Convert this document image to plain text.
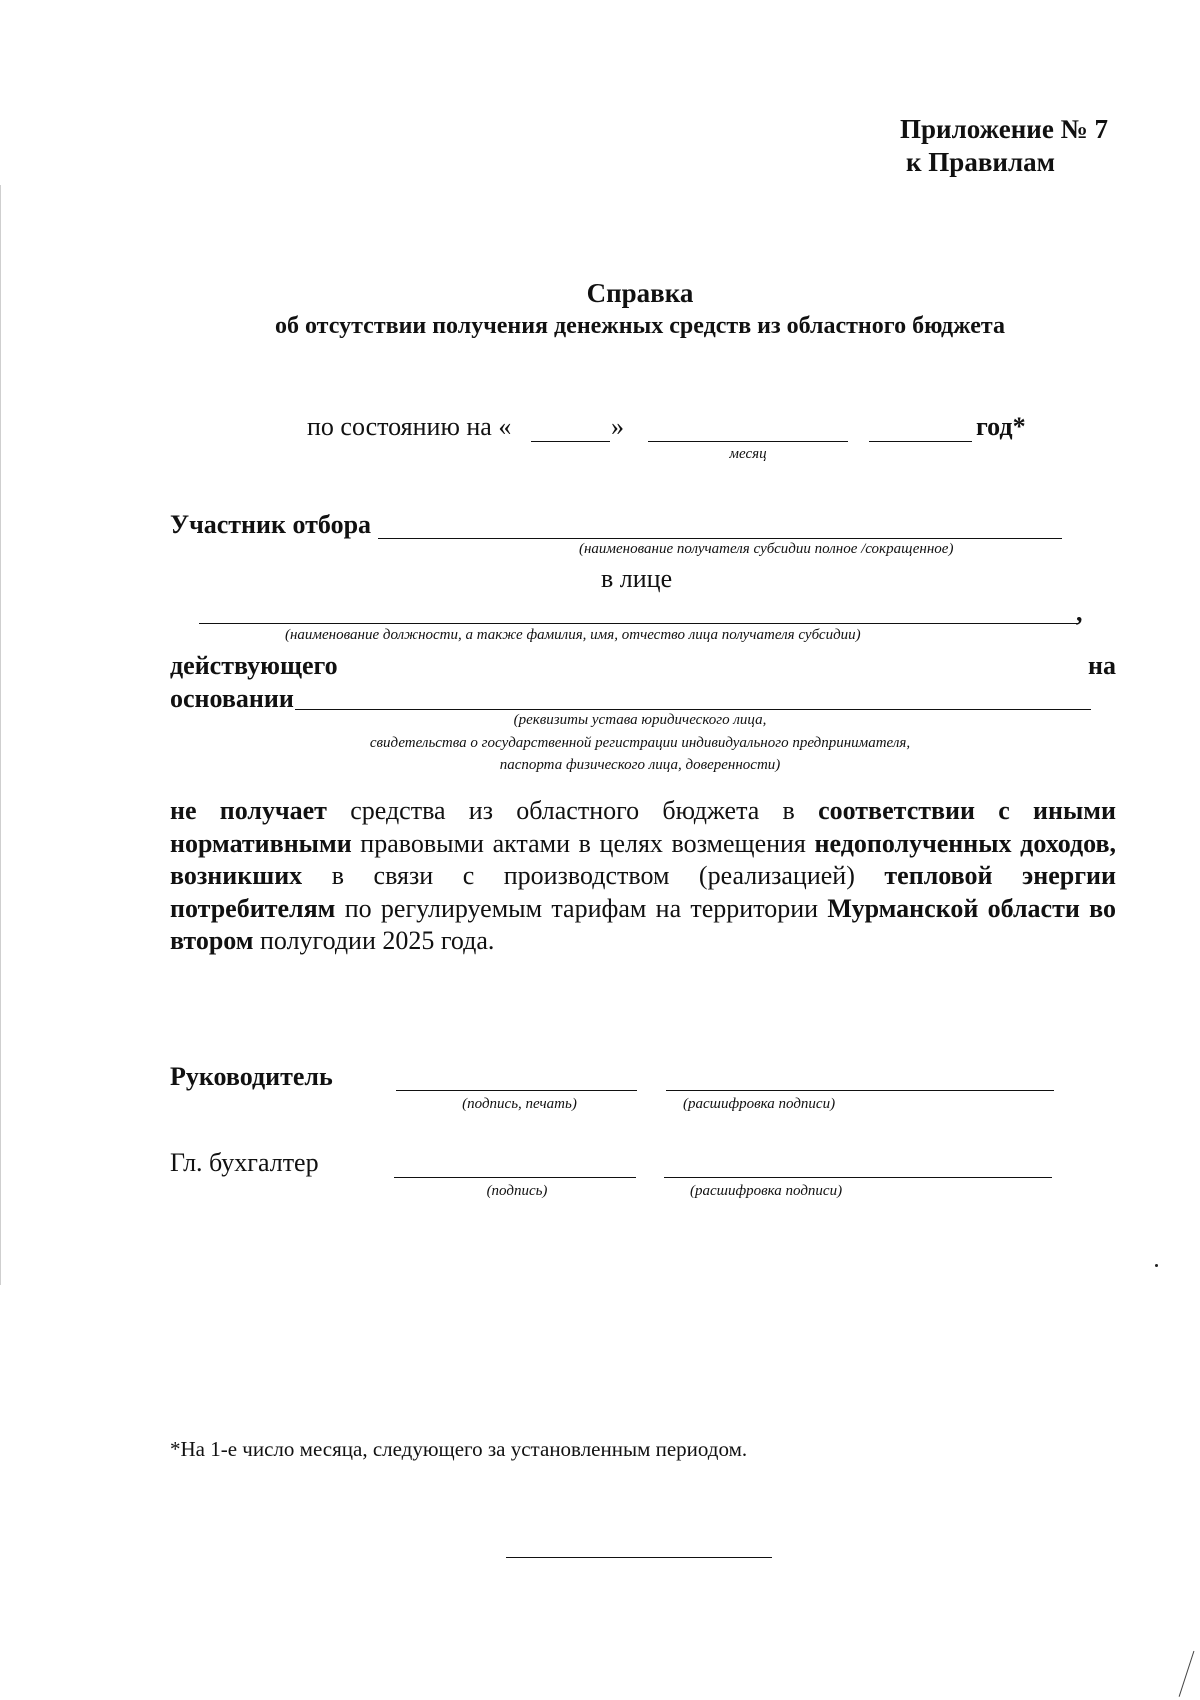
Приложение № 7
к Правилам
Справка
об отсутствии получения денежных средств из областного бюджета
по состоянию на «	»
месяц
год*
Участник отбора
(наименование получателя субсидии полное /сокращенное)
в лице
,
(наименование должности, а также фамилия, имя, отчество лица получателя субсидии)
действующего	на
основании
(реквизиты устава юридического лица,
свидетельства о государственной регистрации индивидуального предпринимателя,
паспорта физического лица, доверенности)
не получает средства из областного бюджета в соответствии с иными нормативными правовыми актами в целях возмещения недополученных доходов, возникших в связи с производством (реализацией) тепловой энергии потребителям по регулируемым тарифам на территории Мурманской области во втором полугодии 2025 года.
Руководитель
(подпись, печать)	(расшифровка подписи)
Гл. бухгалтер
(подпись)	(расшифровка подписи)
*На 1-е число месяца, следующего за установленным периодом.
